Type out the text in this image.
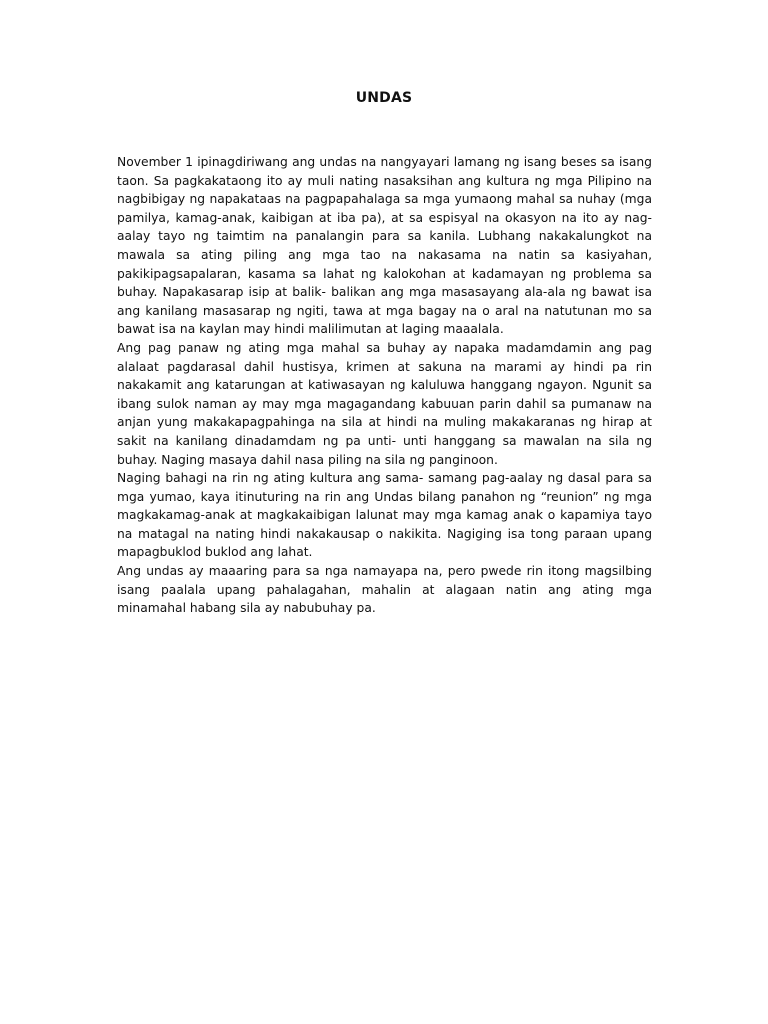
UNDAS

November 1 ipinagdiriwang ang undas na nangyayari lamang ng isang beses sa isang taon. Sa pagkakataong ito ay muli nating nasaksihan ang kultura ng mga Pilipino na nagbibigay ng napakataas na pagpapahalaga sa mga yumaong mahal sa nuhay (mga pamilya, kamag-anak, kaibigan at iba pa), at sa espisyal na okasyon na ito ay nag-aalay tayo ng taimtim na panalangin para sa kanila. Lubhang nakakalungkot na mawala sa ating piling ang mga tao na nakasama na natin sa kasiyahan, pakikipagsapalaran, kasama sa lahat ng kalokohan at kadamayan ng problema sa buhay. Napakasarap isip at balik- balikan ang mga masasayang ala-ala ng bawat isa ang kanilang masasarap ng ngiti, tawa at mga bagay na o aral na natutunan mo sa bawat isa na kaylan may hindi malilimutan at laging maaalala.

Ang pag panaw ng ating mga mahal sa buhay ay napaka madamdamin ang pag alalaat pagdarasal dahil hustisya, krimen at sakuna na marami ay hindi pa rin nakakamit ang katarungan at katiwasayan ng kaluluwa hanggang ngayon. Ngunit sa ibang sulok naman ay may mga magagandang kabuuan parin dahil sa pumanaw na anjan yung makakapagpahinga na sila at hindi na muling makakaranas ng hirap at sakit na kanilang dinadamdam ng pa unti- unti hanggang sa mawalan na sila ng buhay. Naging masaya dahil nasa piling na sila ng panginoon.

Naging bahagi na rin ng ating kultura ang sama- samang pag-aalay ng dasal para sa mga yumao, kaya itinuturing na rin ang Undas bilang panahon ng “reunion” ng mga magkakamag-anak at magkakaibigan lalunat may mga kamag anak o kapamiya tayo na matagal na nating hindi nakakausap o nakikita. Nagiging isa tong paraan upang mapagbuklod buklod ang lahat.

Ang undas ay maaaring para sa nga namayapa na, pero pwede rin itong magsilbing isang paalala upang pahalagahan, mahalin at alagaan natin ang ating mga minamahal habang sila ay nabubuhay pa.
